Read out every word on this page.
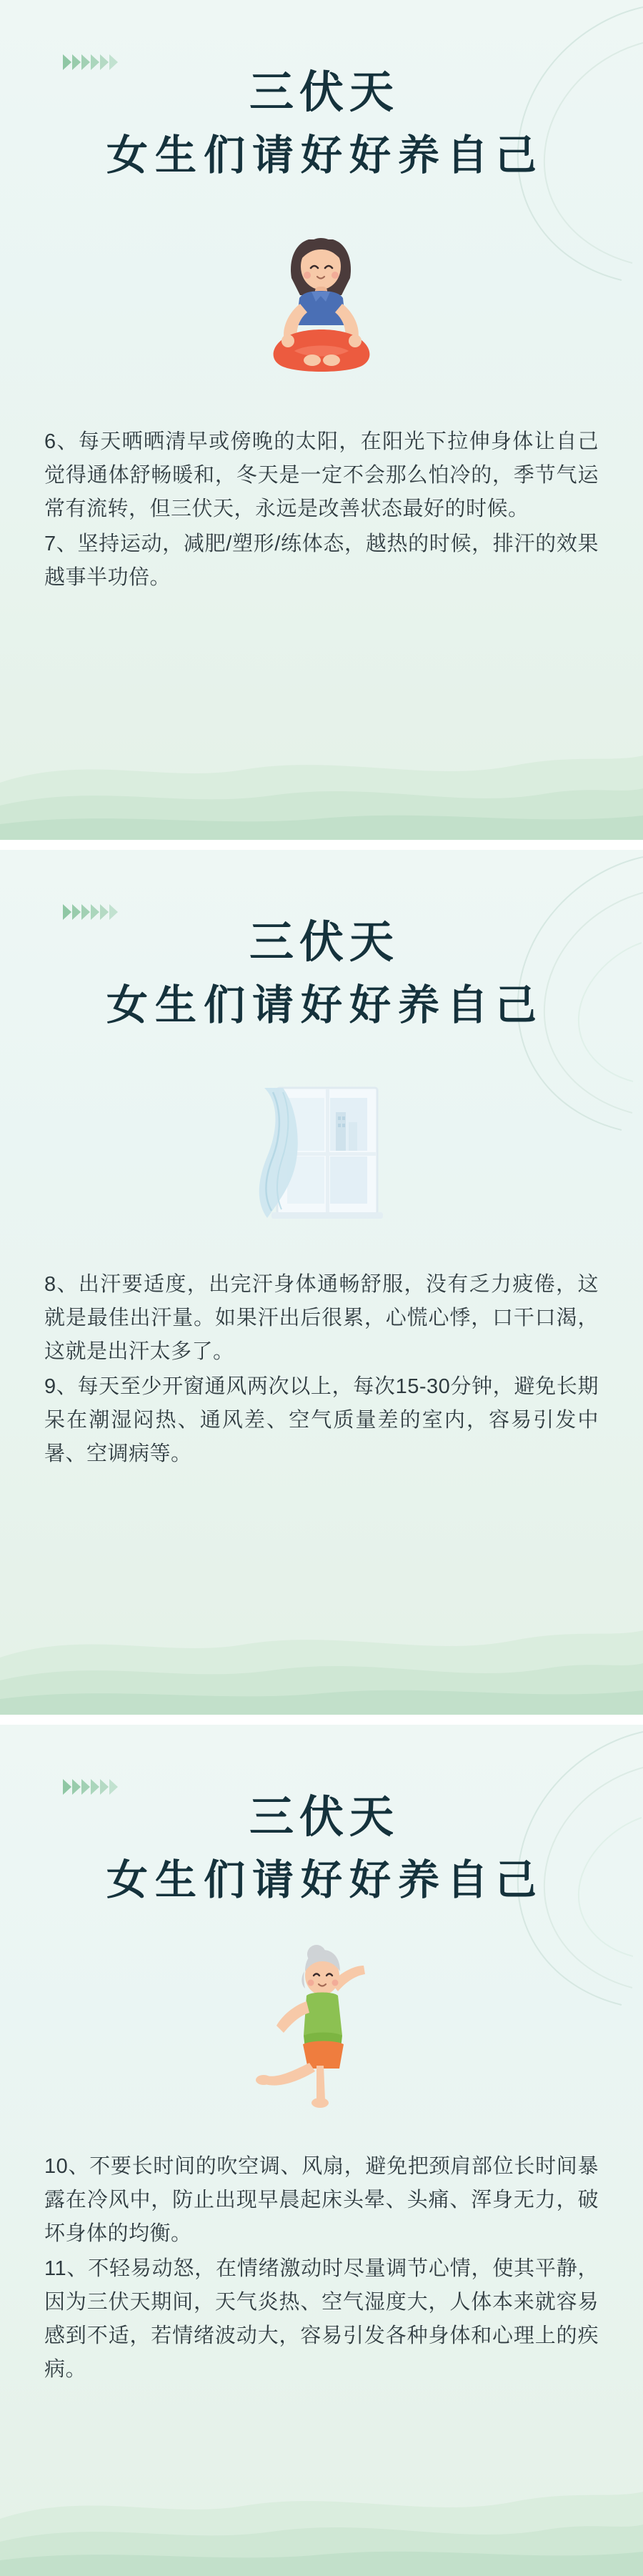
三伏天
女生们请好好养自己

6、每天晒晒清早或傍晚的太阳，在阳光下拉伸身体让自己觉得通体舒畅暖和，冬天是一定不会那么怕冷的，季节气运常有流转，但三伏天，永远是改善状态最好的时候。

7、坚持运动，减肥/塑形/练体态，越热的时候，排汗的效果越事半功倍。

三伏天
女生们请好好养自己

8、出汗要适度，出完汗身体通畅舒服，没有乏力疲倦，这就是最佳出汗量。如果汗出后很累，心慌心悸，口干口渴，这就是出汗太多了。

9、每天至少开窗通风两次以上，每次15-30分钟，避免长期呆在潮湿闷热、通风差、空气质量差的室内，容易引发中暑、空调病等。

三伏天
女生们请好好养自己

10、不要长时间的吹空调、风扇，避免把颈肩部位长时间暴露在冷风中，防止出现早晨起床头晕、头痛、浑身无力，破坏身体的均衡。

11、不轻易动怒，在情绪激动时尽量调节心情，使其平静，因为三伏天期间，天气炎热、空气湿度大，人体本来就容易感到不适，若情绪波动大，容易引发各种身体和心理上的疾病。
